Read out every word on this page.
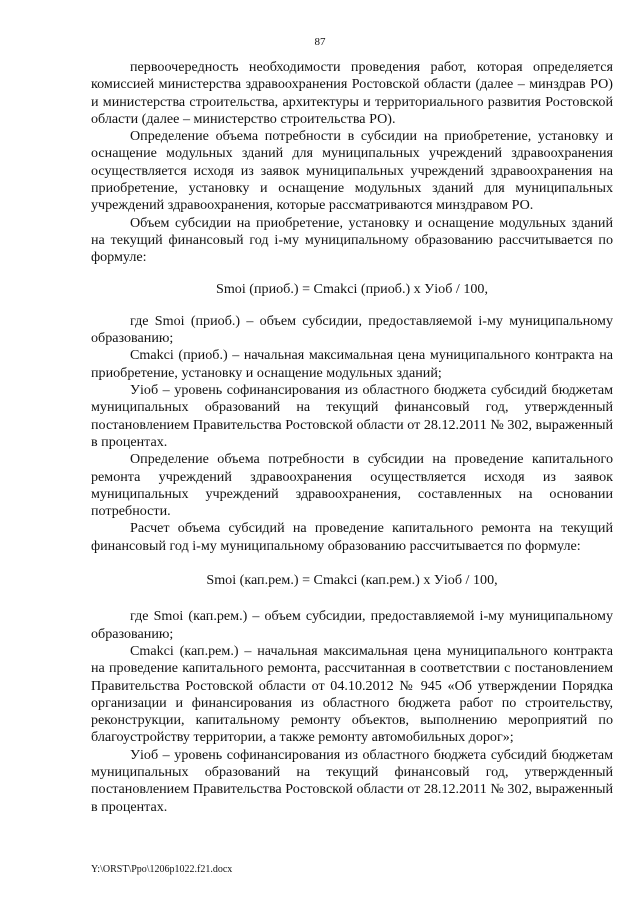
87

первоочередность необходимости проведения работ, которая определяется комиссией министерства здравоохранения Ростовской области (далее – минздрав РО) и министерства строительства, архитектуры и территориального развития Ростовской области (далее – министерство строительства РО).

Определение объема потребности в субсидии на приобретение, установку и оснащение модульных зданий для муниципальных учреждений здравоохранения осуществляется исходя из заявок муниципальных учреждений здравоохранения на приобретение, установку и оснащение модульных зданий для муниципальных учреждений здравоохранения, которые рассматриваются минздравом РО.

Объем субсидии на приобретение, установку и оснащение модульных зданий на текущий финансовый год i-му муниципальному образованию рассчитывается по формуле:

Smoi (приоб.) = Cmakci (приоб.) x Уioб / 100,

где Smoi (приоб.) – объем субсидии, предоставляемой i-му муниципальному образованию;

Cmakci (приоб.) – начальная максимальная цена муниципального контракта на приобретение, установку и оснащение модульных зданий;

Уioб – уровень софинансирования из областного бюджета субсидий бюджетам муниципальных образований на текущий финансовый год, утвержденный постановлением Правительства Ростовской области от 28.12.2011 № 302, выраженный в процентах.

Определение объема потребности в субсидии на проведение капитального ремонта учреждений здравоохранения осуществляется исходя из заявок муниципальных учреждений здравоохранения, составленных на основании потребности.

Расчет объема субсидий на проведение капитального ремонта на текущий финансовый год i-му муниципальному образованию рассчитывается по формуле:

Smoi (кап.рем.) = Cmakci (кап.рем.) x Уioб / 100,

где Smoi (кап.рем.) – объем субсидии, предоставляемой i-му муниципальному образованию;

Cmakci (кап.рем.) – начальная максимальная цена муниципального контракта на проведение капитального ремонта, рассчитанная в соответствии с постановлением Правительства Ростовской области от 04.10.2012 № 945 «Об утверждении Порядка организации и финансирования из областного бюджета работ по строительству, реконструкции, капитальному ремонту объектов, выполнению мероприятий по благоустройству территории, а также ремонту автомобильных дорог»;

Уioб – уровень софинансирования из областного бюджета субсидий бюджетам муниципальных образований на текущий финансовый год, утвержденный постановлением Правительства Ростовской области от 28.12.2011 № 302, выраженный в процентах.

Y:\ORST\Ppo\1206p1022.f21.docx
